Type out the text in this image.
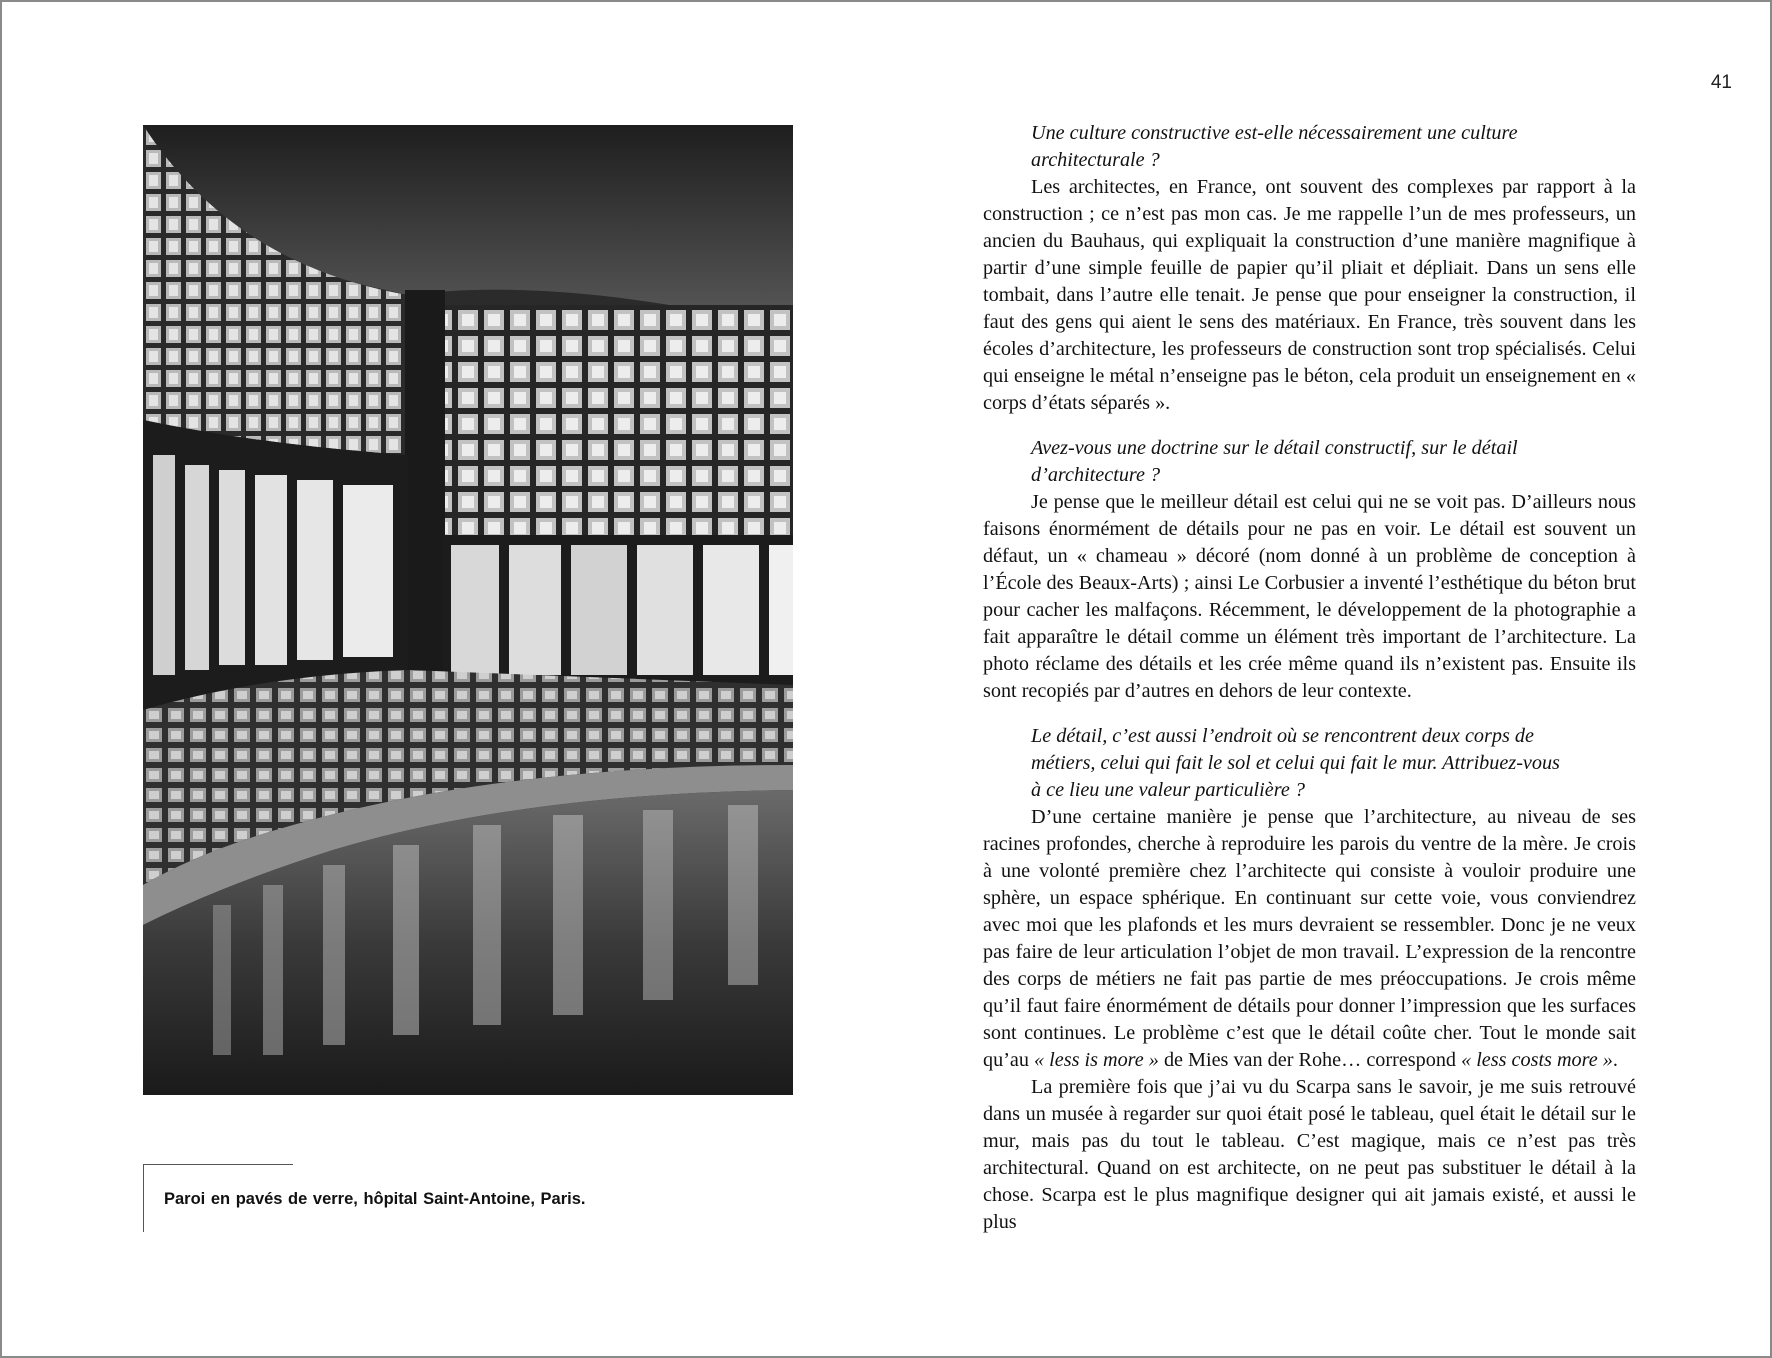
41
Paroi en pavés de verre, hôpital Saint-Antoine, Paris.

Une culture constructive est-elle nécessairement une culture architecturale ?

Les architectes, en France, ont souvent des complexes par rapport à la construction ; ce n’est pas mon cas. Je me rappelle l’un de mes professeurs, un ancien du Bauhaus, qui expliquait la construction d’une manière magnifique à partir d’une simple feuille de papier qu’il pliait et dépliait. Dans un sens elle tombait, dans l’autre elle tenait. Je pense que pour enseigner la construction, il faut des gens qui aient le sens des matériaux. En France, très souvent dans les écoles d’architecture, les professeurs de construction sont trop spécialisés. Celui qui enseigne le métal n’enseigne pas le béton, cela produit un enseignement en « corps d’états séparés ».

Avez-vous une doctrine sur le détail constructif, sur le détail d’architecture ?

Je pense que le meilleur détail est celui qui ne se voit pas. D’ailleurs nous faisons énormément de détails pour ne pas en voir. Le détail est souvent un défaut, un « chameau » décoré (nom donné à un problème de conception à l’École des Beaux-Arts) ; ainsi Le Corbusier a inventé l’esthétique du béton brut pour cacher les malfaçons. Récemment, le développement de la photographie a fait apparaître le détail comme un élément très important de l’architecture. La photo réclame des détails et les crée même quand ils n’existent pas. Ensuite ils sont recopiés par d’autres en dehors de leur contexte.

Le détail, c’est aussi l’endroit où se rencontrent deux corps de métiers, celui qui fait le sol et celui qui fait le mur. Attribuez-vous à ce lieu une valeur particulière ?

D’une certaine manière je pense que l’architecture, au niveau de ses racines profondes, cherche à reproduire les parois du ventre de la mère. Je crois à une volonté première chez l’architecte qui consiste à vouloir produire une sphère, un espace sphérique. En continuant sur cette voie, vous conviendrez avec moi que les plafonds et les murs devraient se ressembler. Donc je ne veux pas faire de leur articulation l’objet de mon travail. L’expression de la rencontre des corps de métiers ne fait pas partie de mes préoccupations. Je crois même qu’il faut faire énormément de détails pour donner l’impression que les surfaces sont continues. Le problème c’est que le détail coûte cher. Tout le monde sait qu’au « less is more » de Mies van der Rohe… correspond « less costs more ».

La première fois que j’ai vu du Scarpa sans le savoir, je me suis retrouvé dans un musée à regarder sur quoi était posé le tableau, quel était le détail sur le mur, mais pas du tout le tableau. C’est magique, mais ce n’est pas très architectural. Quand on est architecte, on ne peut pas substituer le détail à la chose. Scarpa est le plus magnifique designer qui ait jamais existé, et aussi le plus
